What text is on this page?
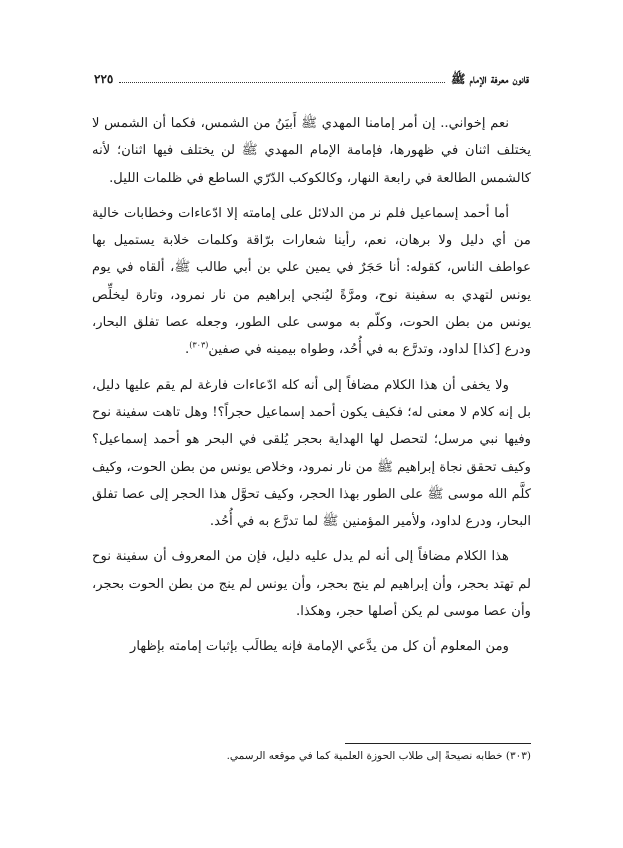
قانون معرفة الإمام ﷺ
٢٢٥

نعم إخواني.. إن أمر إمامنا المهدي ﷺ أَبيَنُ من الشمس، فكما أن الشمس لا يختلف اثنان في ظهورها، فإمامة الإمام المهدي ﷺ لن يختلف فيها اثنان؛ لأنه كالشمس الطالعة في رابعة النهار، وكالكوكب الدّرّي الساطع في ظلمات الليل.

أما أحمد إسماعيل فلم نر من الدلائل على إمامته إلا ادّعاءات وخطابات خالية من أي دليل ولا برهان، نعم، رأينا شعارات برّاقة وكلمات خلابة يستميل بها عواطف الناس، كقوله: أنا حَجَرٌ في يمين علي بن أبي طالب ﷺ، ألقاه في يوم يونس لتهدي به سفينة نوح، ومرَّةً ليُنجي إبراهيم من نار نمرود، وتارة ليخلِّص يونس من بطن الحوت، وكلّم به موسى على الطور، وجعله عصا تفلق البحار، ودرع [كذا] لداود، وتدرَّع به في أُحُد، وطواه بيمينه في صفين$^{(٣٠٣)}$.

ولا يخفى أن هذا الكلام مضافاً إلى أنه كله ادّعاءات فارغة لم يقم عليها دليل، بل إنه كلام لا معنى له؛ فكيف يكون أحمد إسماعيل حجراً؟! وهل تاهت سفينة نوح وفيها نبي مرسل؛ لتحصل لها الهداية بحجر يُلقى في البحر هو أحمد إسماعيل؟ وكيف تحقق نجاة إبراهيم ﷺ من نار نمرود، وخلاص يونس من بطن الحوت، وكيف كلَّم الله موسى ﷺ على الطور بهذا الحجر، وكيف تحوَّل هذا الحجر إلى عصا تفلق البحار، ودرع لداود، ولأمير المؤمنين ﷺ لما تدرَّع به في أُحُد.

هذا الكلام مضافاً إلى أنه لم يدل عليه دليل، فإن من المعروف أن سفينة نوح لم تهتد بحجر، وأن إبراهيم لم ينج بحجر، وأن يونس لم ينج من بطن الحوت بحجر، وأن عصا موسى لم يكن أصلها حجر، وهكذا.

ومن المعلوم أن كل من يدَّعي الإمامة فإنه يطالَب بإثبات إمامته بإظهار

(٣٠٣) خطابه نصيحةً إلى طلاب الحوزة العلمية كما في موقعه الرسمي.
